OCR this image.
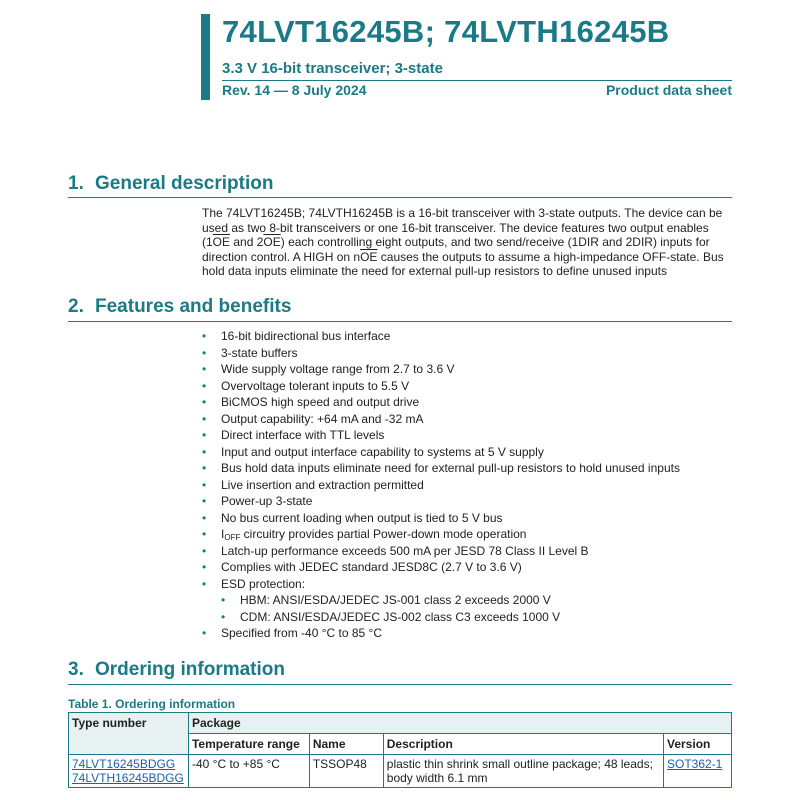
74LVT16245B; 74LVTH16245B
3.3 V 16-bit transceiver; 3-state
Rev. 14 — 8 July 2024	Product data sheet
1. General description

The 74LVT16245B; 74LVTH16245B is a 16-bit transceiver with 3-state outputs. The device can be used as two 8-bit transceivers or one 16-bit transceiver. The device features two output enables ($1\overline{OE}$ and $2\overline{OE}$) each controlling eight outputs, and two send/receive (1DIR and 2DIR) inputs for direction control. A HIGH on $n\overline{OE}$ causes the outputs to assume a high-impedance OFF-state. Bus hold data inputs eliminate the need for external pull-up resistors to define unused inputs

2. Features and benefits
• 16-bit bidirectional bus interface
• 3-state buffers
• Wide supply voltage range from 2.7 to 3.6 V
• Overvoltage tolerant inputs to 5.5 V
• BiCMOS high speed and output drive
• Output capability: +64 mA and -32 mA
• Direct interface with TTL levels
• Input and output interface capability to systems at 5 V supply
• Bus hold data inputs eliminate need for external pull-up resistors to hold unused inputs
• Live insertion and extraction permitted
• Power-up 3-state
• No bus current loading when output is tied to 5 V bus
• $I_{OFF}$ circuitry provides partial Power-down mode operation
• Latch-up performance exceeds 500 mA per JESD 78 Class II Level B
• Complies with JEDEC standard JESD8C (2.7 V to 3.6 V)
• ESD protection:
• HBM: ANSI/ESDA/JEDEC JS-001 class 2 exceeds 2000 V
• CDM: ANSI/ESDA/JEDEC JS-002 class C3 exceeds 1000 V
• Specified from -40 °C to 85 °C
3. Ordering information
Table 1. Ordering information
Type number	Package			
	Temperature range	Name	Description	Version
74LVT16245BDGG
74LVTH16245BDGG	-40 °C to +85 °C	TSSOP48	plastic thin shrink small outline package; 48 leads; body width 6.1 mm	SOT362-1
